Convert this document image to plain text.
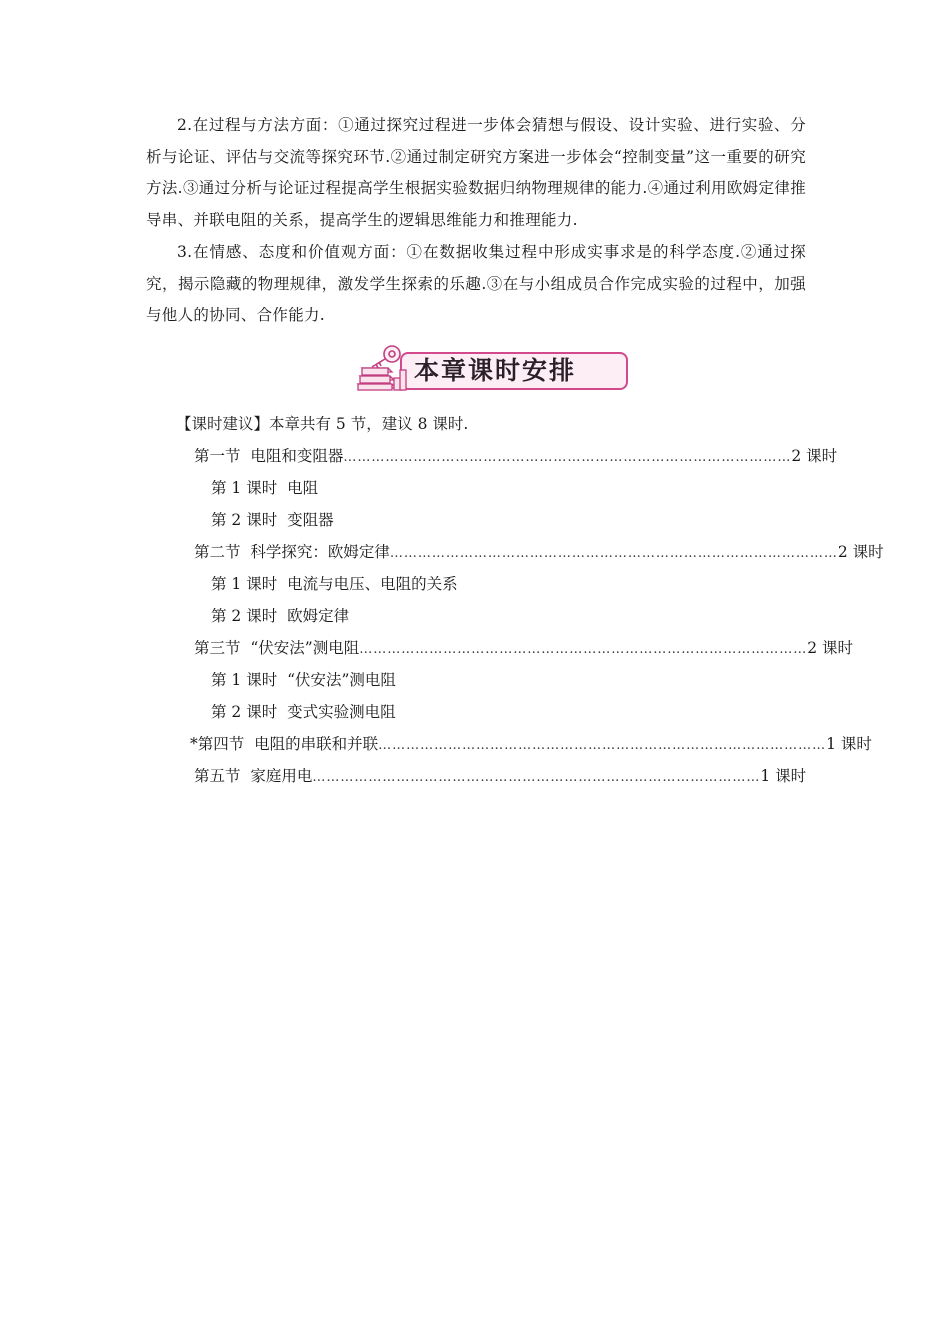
2.在过程与方法方面：①通过探究过程进一步体会猜想与假设、设计实验、进行实验、分析与论证、评估与交流等探究环节.②通过制定研究方案进一步体会“控制变量”这一重要的研究方法.③通过分析与论证过程提高学生根据实验数据归纳物理规律的能力.④通过利用欧姆定律推导串、并联电阻的关系，提高学生的逻辑思维能力和推理能力.

3.在情感、态度和价值观方面：①在数据收集过程中形成实事求是的科学态度.②通过探究，揭示隐藏的物理规律，激发学生探索的乐趣.③在与小组成员合作完成实验的过程中，加强与他人的协同、合作能力.

本章课时安排
【课时建议】本章共有 5 节，建议 8 课时.
第一节  电阻和变阻器 …………………………………………………………………………………… 2 课时
第 1 课时  电阻
第 2 课时  变阻器
第二节  科学探究：欧姆定律 …………………………………………………………………………………… 2 课时
第 1 课时  电流与电压、电阻的关系
第 2 课时  欧姆定律
第三节  “伏安法”测电阻 …………………………………………………………………………………… 2 课时
第 1 课时  “伏安法”测电阻
第 2 课时  变式实验测电阻
*第四节  电阻的串联和并联 …………………………………………………………………………………… 1 课时
第五节  家庭用电 …………………………………………………………………………………… 1 课时
